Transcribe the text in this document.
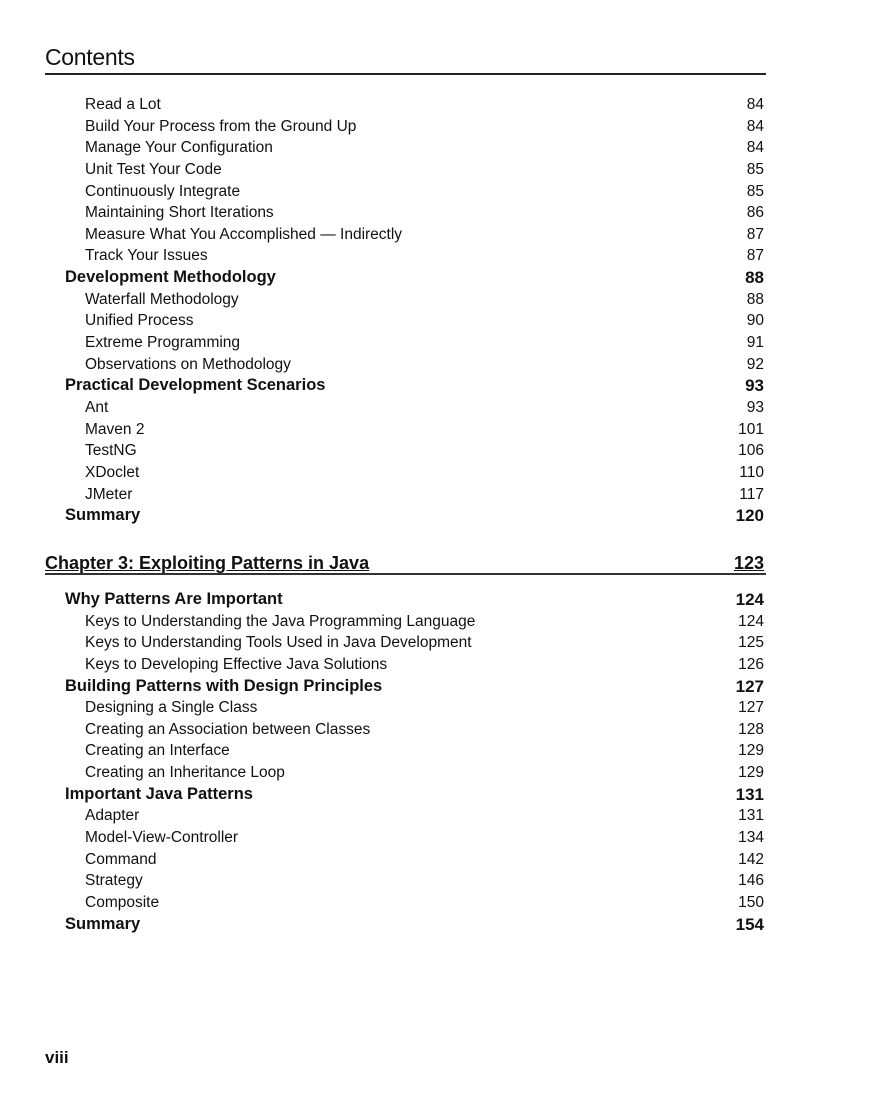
Contents
Read a Lot	84
Build Your Process from the Ground Up	84
Manage Your Configuration	84
Unit Test Your Code	85
Continuously Integrate	85
Maintaining Short Iterations	86
Measure What You Accomplished — Indirectly	87
Track Your Issues	87
Development Methodology	88
Waterfall Methodology	88
Unified Process	90
Extreme Programming	91
Observations on Methodology	92
Practical Development Scenarios	93
Ant	93
Maven 2	101
TestNG	106
XDoclet	110
JMeter	117
Summary	120
Chapter 3: Exploiting Patterns in Java	123
Why Patterns Are Important	124
Keys to Understanding the Java Programming Language	124
Keys to Understanding Tools Used in Java Development	125
Keys to Developing Effective Java Solutions	126
Building Patterns with Design Principles	127
Designing a Single Class	127
Creating an Association between Classes	128
Creating an Interface	129
Creating an Inheritance Loop	129
Important Java Patterns	131
Adapter	131
Model-View-Controller	134
Command	142
Strategy	146
Composite	150
Summary	154
viii
